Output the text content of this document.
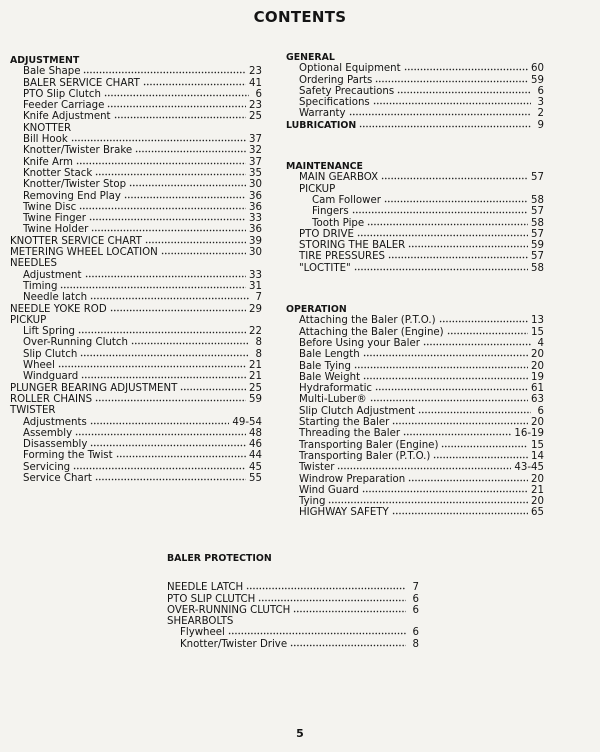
CONTENTS
ADJUSTMENT
Bale Shape	23
BALER SERVICE CHART	41
PTO Slip Clutch	6
Feeder Carriage	23
Knife Adjustment	25
KNOTTER
Bill Hook	37
Knotter/Twister Brake	32
Knife Arm	37
Knotter Stack	35
Knotter/Twister Stop	30
Removing End Play	36
Twine Disc	36
Twine Finger	33
Twine Holder	36
KNOTTER SERVICE CHART	39
METERING WHEEL LOCATION	30
NEEDLES
Adjustment	33
Timing	31
Needle latch	7
NEEDLE YOKE ROD	29
PICKUP
Lift Spring	22
Over-Running Clutch	8
Slip Clutch	8
Wheel	21
Windguard	21
PLUNGER BEARING ADJUSTMENT	25
ROLLER CHAINS	59
TWISTER
Adjustments	49-54
Assembly	48
Disassembly	46
Forming the Twist	44
Servicing	45
Service Chart	55
GENERAL
Optional Equipment	60
Ordering Parts	59
Safety Precautions	6
Specifications	3
Warranty	2
LUBRICATION	9
MAINTENANCE
MAIN GEARBOX	57
PICKUP
Cam Follower	58
Fingers	57
Tooth Pipe	58
PTO DRIVE	57
STORING THE BALER	59
TIRE PRESSURES	57
"LOCTITE"	58
OPERATION
Attaching the Baler (P.T.O.)	13
Attaching the Baler (Engine)	15
Before Using your Baler	4
Bale Length	20
Bale Tying	20
Bale Weight	19
Hydraformatic	61
Multi-Luber®	63
Slip Clutch Adjustment	6
Starting the Baler	20
Threading the Baler	16-19
Transporting Baler (Engine)	15
Transporting Baler (P.T.O.)	14
Twister	43-45
Windrow Preparation	20
Wind Guard	21
Tying	20
HIGHWAY SAFETY	65
BALER PROTECTION
NEEDLE LATCH	7
PTO SLIP CLUTCH	6
OVER-RUNNING CLUTCH	6
SHEARBOLTS
Flywheel	6
Knotter/Twister Drive	8
5
